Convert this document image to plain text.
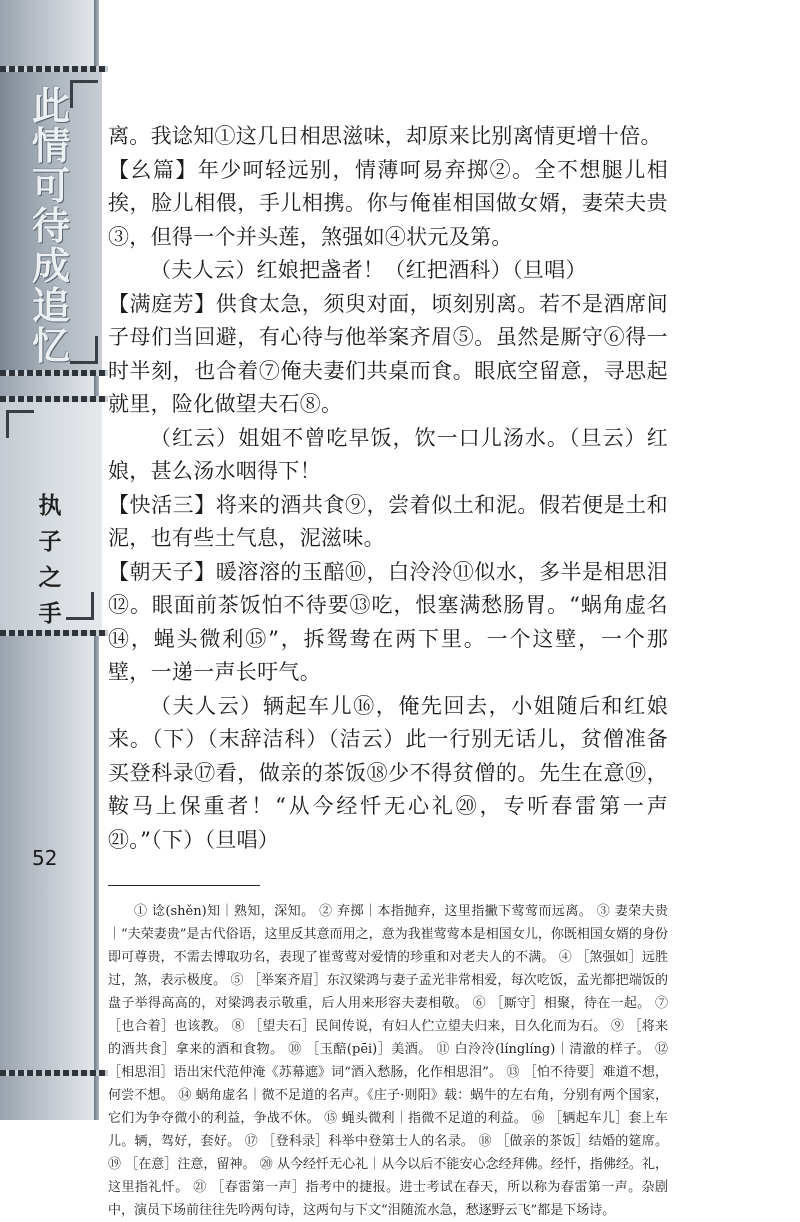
此
情
可
待
成
追
忆
执
子
之
手
52

离。我谂知①这几日相思滋味，却原来比别离情更增十倍。

【幺篇】年少呵轻远别，情薄呵易弃掷②。全不想腿儿相挨，脸儿相偎，手儿相携。你与俺崔相国做女婿，妻荣夫贵③，但得一个并头莲，煞强如④状元及第。

（夫人云）红娘把盏者！（红把酒科）（旦唱）

【满庭芳】供食太急，须臾对面，顷刻别离。若不是酒席间子母们当回避，有心待与他举案齐眉⑤。虽然是厮守⑥得一时半刻，也合着⑦俺夫妻们共桌而食。眼底空留意，寻思起就里，险化做望夫石⑧。

（红云）姐姐不曾吃早饭，饮一口儿汤水。（旦云）红娘，甚么汤水咽得下！

【快活三】将来的酒共食⑨，尝着似土和泥。假若便是土和泥，也有些土气息，泥滋味。

【朝天子】暖溶溶的玉醅⑩，白泠泠⑪似水，多半是相思泪⑫。眼面前茶饭怕不待要⑬吃，恨塞满愁肠胃。“蜗角虚名⑭，蝇头微利⑮”，拆鸳鸯在两下里。一个这壁，一个那壁，一递一声长吁气。

（夫人云）辆起车儿⑯，俺先回去，小姐随后和红娘来。（下）（末辞洁科）（洁云）此一行别无话儿，贫僧准备买登科录⑰看，做亲的茶饭⑱少不得贫僧的。先生在意⑲，鞍马上保重者！“从今经忏无心礼⑳，专听春雷第一声㉑。”（下）（旦唱）

① 谂(shěn)知｜熟知，深知。 ② 弃掷｜本指抛弃，这里指撇下莺莺而远离。 ③ 妻荣夫贵｜“夫荣妻贵”是古代俗语，这里反其意而用之，意为我崔莺莺本是相国女儿，你既相国女婿的身份即可尊贵，不需去博取功名，表现了崔莺莺对爱情的珍重和对老夫人的不满。 ④ ［煞强如］远胜过，煞，表示极度。 ⑤ ［举案齐眉］东汉梁鸿与妻子孟光非常相爱，每次吃饭，孟光都把端饭的盘子举得高高的，对梁鸿表示敬重，后人用来形容夫妻相敬。 ⑥ ［厮守］相聚，待在一起。 ⑦ ［也合着］也该教。 ⑧ ［望夫石］民间传说，有妇人伫立望夫归来，日久化而为石。 ⑨ ［将来的酒共食］拿来的酒和食物。 ⑩ ［玉醅(pēi)］美酒。 ⑪ 白泠泠(línglíng)｜清澈的样子。 ⑫ ［相思泪］语出宋代范仲淹《苏幕遮》词“酒入愁肠，化作相思泪”。 ⑬ ［怕不待要］难道不想，何尝不想。 ⑭ 蜗角虚名｜微不足道的名声。《庄子·则阳》载：蜗牛的左右角，分别有两个国家，它们为争夺微小的利益，争战不休。 ⑮ 蝇头微利｜指微不足道的利益。 ⑯ ［辆起车儿］套上车儿。辆，驾好，套好。 ⑰ ［登科录］科举中登第士人的名录。 ⑱ ［做亲的茶饭］结婚的筵席。 ⑲ ［在意］注意，留神。 ⑳ 从今经忏无心礼｜从今以后不能安心念经拜佛。经忏，指佛经。礼，这里指礼忏。 ㉑ ［春雷第一声］指考中的捷报。进士考试在春天，所以称为春雷第一声。杂剧中，演员下场前往往先吟两句诗，这两句与下文“泪随流水急，愁逐野云飞”都是下场诗。
